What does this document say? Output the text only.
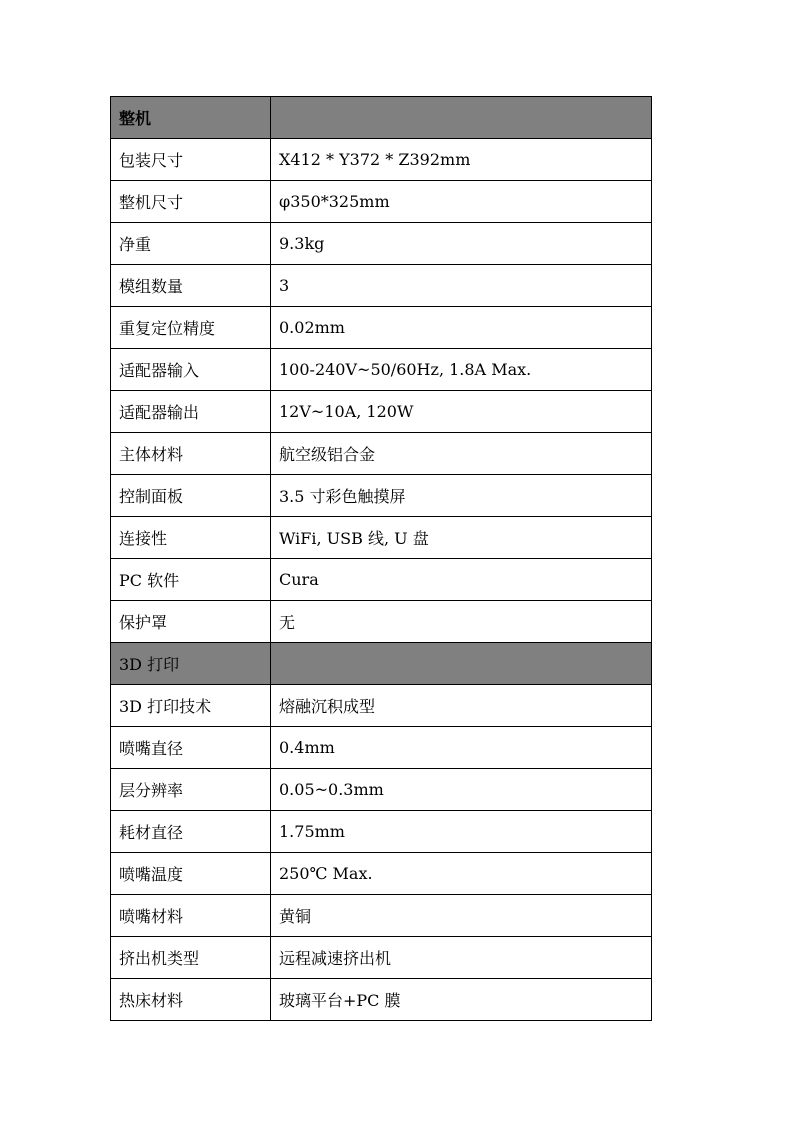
整机	
包装尺寸	X412 * Y372 * Z392mm
整机尺寸	φ350*325mm
净重	9.3kg
模组数量	3
重复定位精度	0.02mm
适配器输入	100-240V~50/60Hz, 1.8A Max.
适配器输出	12V~10A, 120W
主体材料	航空级铝合金
控制面板	3.5 寸彩色触摸屏
连接性	WiFi, USB 线, U 盘
PC 软件	Cura
保护罩	无
3D 打印	
3D 打印技术	熔融沉积成型
喷嘴直径	0.4mm
层分辨率	0.05~0.3mm
耗材直径	1.75mm
喷嘴温度	250℃ Max.
喷嘴材料	黄铜
挤出机类型	远程减速挤出机
热床材料	玻璃平台+PC 膜
